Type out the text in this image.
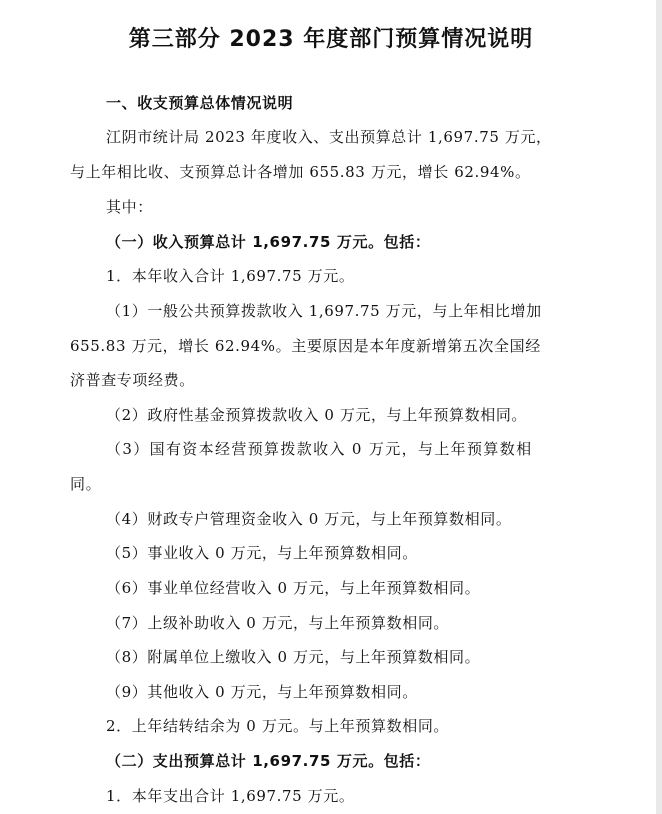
第三部分 2023 年度部门预算情况说明
一、收支预算总体情况说明
江阴市统计局 2023 年度收入、支出预算总计 1,697.75 万元，
与上年相比收、支预算总计各增加 655.83 万元，增长 62.94%。
其中：
（一）收入预算总计 1,697.75 万元。包括：
1．本年收入合计 1,697.75 万元。
（1）一般公共预算拨款收入 1,697.75 万元，与上年相比增加
655.83 万元，增长 62.94%。主要原因是本年度新增第五次全国经
济普查专项经费。
（2）政府性基金预算拨款收入 0 万元，与上年预算数相同。
（3）国有资本经营预算拨款收入 0 万元，与上年预算数相
同。
（4）财政专户管理资金收入 0 万元，与上年预算数相同。
（5）事业收入 0 万元，与上年预算数相同。
（6）事业单位经营收入 0 万元，与上年预算数相同。
（7）上级补助收入 0 万元，与上年预算数相同。
（8）附属单位上缴收入 0 万元，与上年预算数相同。
（9）其他收入 0 万元，与上年预算数相同。
2．上年结转结余为 0 万元。与上年预算数相同。
（二）支出预算总计 1,697.75 万元。包括：
1．本年支出合计 1,697.75 万元。
